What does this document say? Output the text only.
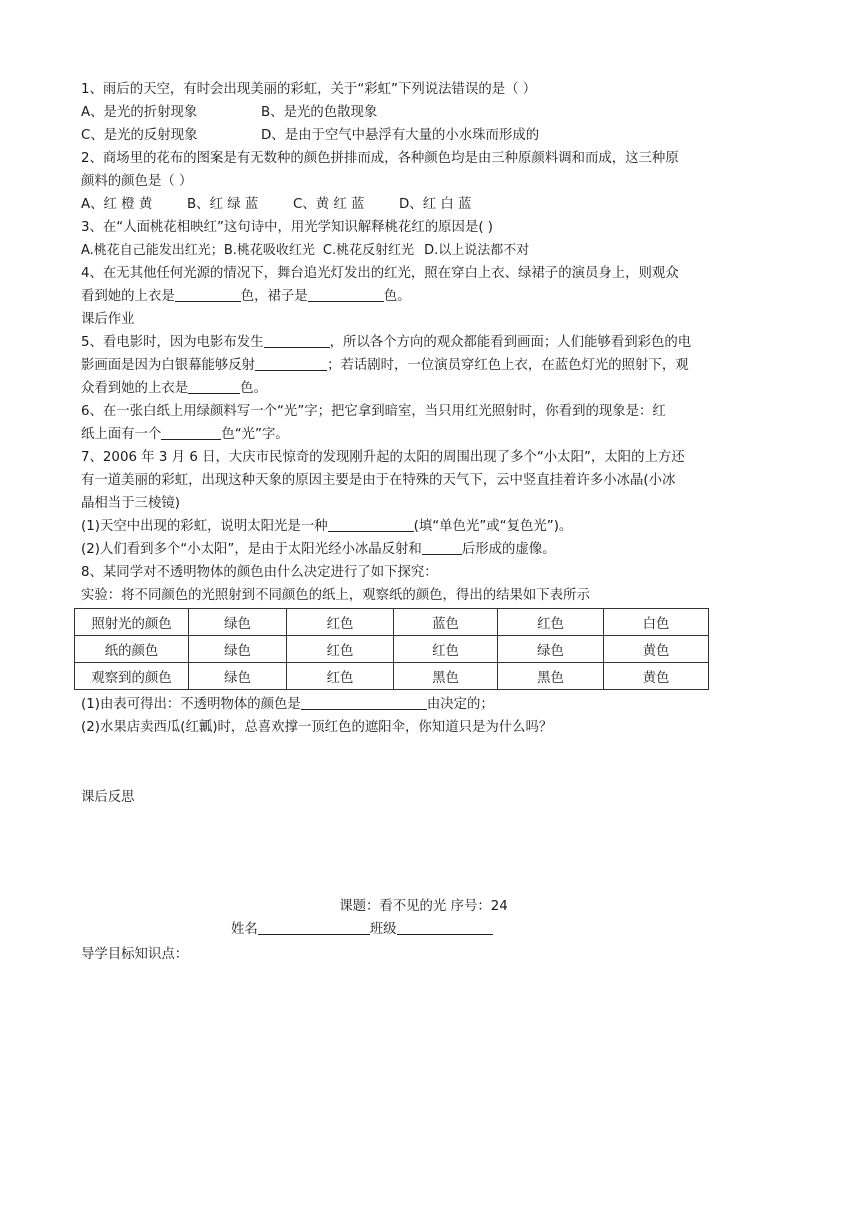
1、雨后的天空，有时会出现美丽的彩虹，关于“彩虹”下列说法错误的是（ ）
A、是光的折射现象	B、是光的色散现象
C、是光的反射现象	D、是由于空气中悬浮有大量的小水珠而形成的
2、商场里的花布的图案是有无数种的颜色拼排而成，各种颜色均是由三种原颜料调和而成，这三种原
颜料的颜色是（ ）
A、红 橙 黄	B、红 绿 蓝	C、黄 红 蓝	D、红 白 蓝
3、在“人面桃花相映红”这句诗中，用光学知识解释桃花红的原因是( )
A.桃花自己能发出红光；B.桃花吸收红光 C.桃花反射红光 D.以上说法都不对
4、在无其他任何光源的情况下，舞台追光灯发出的红光，照在穿白上衣、绿裙子的演员身上，则观众
看到她的上衣是	色，裙子是	色。
课后作业
5、看电影时，因为电影布发生	，所以各个方向的观众都能看到画面；人们能够看到彩色的电
影画面是因为白银幕能够反射	；若话剧时，一位演员穿红色上衣，在蓝色灯光的照射下，观
众看到她的上衣是	色。
6、在一张白纸上用绿颜料写一个“光”字；把它拿到暗室，当只用红光照射时，你看到的现象是：红
纸上面有一个	色“光”字。
7、2006 年 3 月 6 日，大庆市民惊奇的发现刚升起的太阳的周围出现了多个“小太阳”，太阳的上方还
有一道美丽的彩虹，出现这种天象的原因主要是由于在特殊的天气下，云中竖直挂着许多小冰晶(小冰
晶相当于三棱镜)
(1)天空中出现的彩虹，说明太阳光是一种	(填“单色光”或“复色光”)。
(2)人们看到多个“小太阳”，是由于太阳光经小冰晶反射和	后形成的虚像。
8、某同学对不透明物体的颜色由什么决定进行了如下探究：
实验：将不同颜色的光照射到不同颜色的纸上，观察纸的颜色，得出的结果如下表所示
照射光的颜色	绿色	红色	蓝色	红色	白色
纸的颜色	绿色	红色	红色	绿色	黄色
观察到的颜色	绿色	红色	黑色	黑色	黄色
(1)由表可得出：不透明物体的颜色是	由决定的；
(2)水果店卖西瓜(红瓤)时，总喜欢撑一顶红色的遮阳伞，你知道只是为什么吗？
课后反思
课题：看不见的光 序号：24
姓名	班级
导学目标知识点：
